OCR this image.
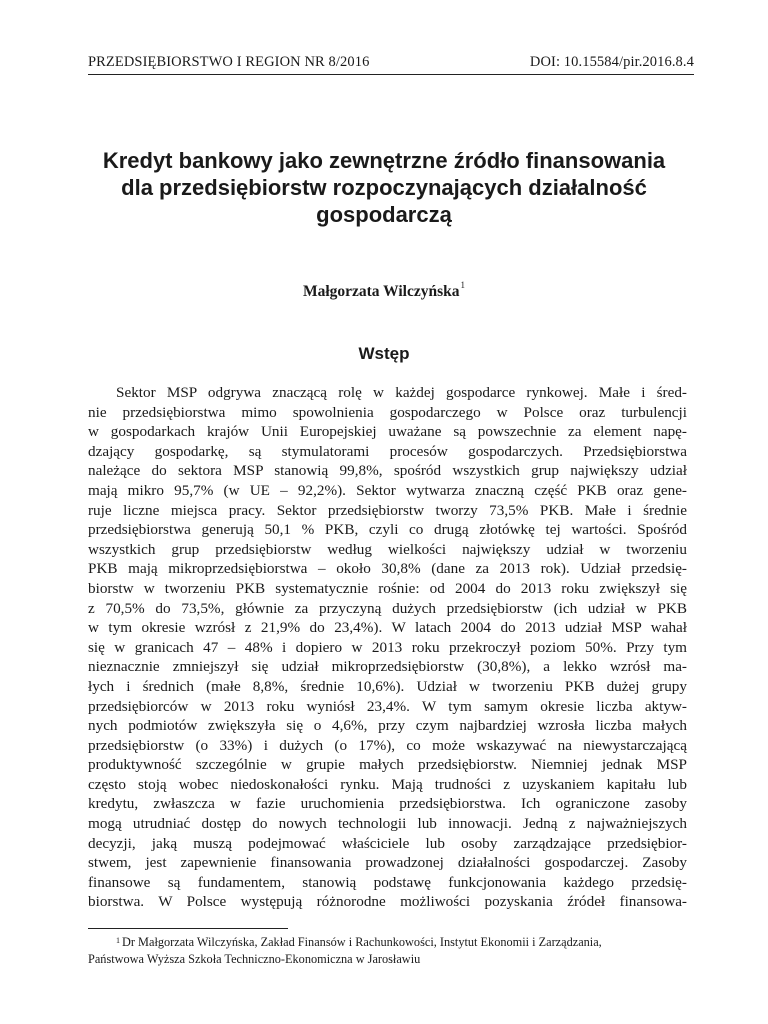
PRZEDSIĘBIORSTWO I REGION NR 8/2016	DOI: 10.15584/pir.2016.8.4
Kredyt bankowy jako zewnętrzne źródło finansowania
dla przedsiębiorstw rozpoczynających działalność
gospodarczą
Małgorzata Wilczyńska$^1$
Wstęp
Sektor MSP odgrywa znaczącą rolę w każdej gospodarce rynkowej. Małe i śred-
nie przedsiębiorstwa mimo spowolnienia gospodarczego w Polsce oraz turbulencji
w gospodarkach krajów Unii Europejskiej uważane są powszechnie za element napę-
dzający gospodarkę, są stymulatorami procesów gospodarczych. Przedsiębiorstwa
należące do sektora MSP stanowią 99,8%, spośród wszystkich grup największy udział
mają mikro 95,7% (w UE – 92,2%). Sektor wytwarza znaczną część PKB oraz gene-
ruje liczne miejsca pracy. Sektor przedsiębiorstw tworzy 73,5% PKB. Małe i średnie
przedsiębiorstwa generują 50,1 % PKB, czyli co drugą złotówkę tej wartości. Spośród
wszystkich grup przedsiębiorstw według wielkości największy udział w tworzeniu
PKB mają mikroprzedsiębiorstwa – około 30,8% (dane za 2013 rok). Udział przedsię-
biorstw w tworzeniu PKB systematycznie rośnie: od 2004 do 2013 roku zwiększył się
z 70,5% do 73,5%, głównie za przyczyną dużych przedsiębiorstw (ich udział w PKB
w tym okresie wzrósł z 21,9% do 23,4%). W latach 2004 do 2013 udział MSP wahał
się w granicach 47 – 48% i dopiero w 2013 roku przekroczył poziom 50%. Przy tym
nieznacznie zmniejszył się udział mikroprzedsiębiorstw (30,8%), a lekko wzrósł ma-
łych i średnich (małe 8,8%, średnie 10,6%). Udział w tworzeniu PKB dużej grupy
przedsiębiorców w 2013 roku wyniósł 23,4%. W tym samym okresie liczba aktyw-
nych podmiotów zwiększyła się o 4,6%, przy czym najbardziej wzrosła liczba małych
przedsiębiorstw (o 33%) i dużych (o 17%), co może wskazywać na niewystarczającą
produktywność szczególnie w grupie małych przedsiębiorstw. Niemniej jednak MSP
często stoją wobec niedoskonałości rynku. Mają trudności z uzyskaniem kapitału lub
kredytu, zwłaszcza w fazie uruchomienia przedsiębiorstwa. Ich ograniczone zasoby
mogą utrudniać dostęp do nowych technologii lub innowacji. Jedną z najważniejszych
decyzji, jaką muszą podejmować właściciele lub osoby zarządzające przedsiębior-
stwem, jest zapewnienie finansowania prowadzonej działalności gospodarczej. Zasoby
finansowe są fundamentem, stanowią podstawę funkcjonowania każdego przedsię-
biorstwa. W Polsce występują różnorodne możliwości pozyskania źródeł finansowa-
$^1$ Dr Małgorzata Wilczyńska, Zakład Finansów i Rachunkowości, Instytut Ekonomii i Zarządzania,
Państwowa Wyższa Szkoła Techniczno-Ekonomiczna w Jarosławiu
